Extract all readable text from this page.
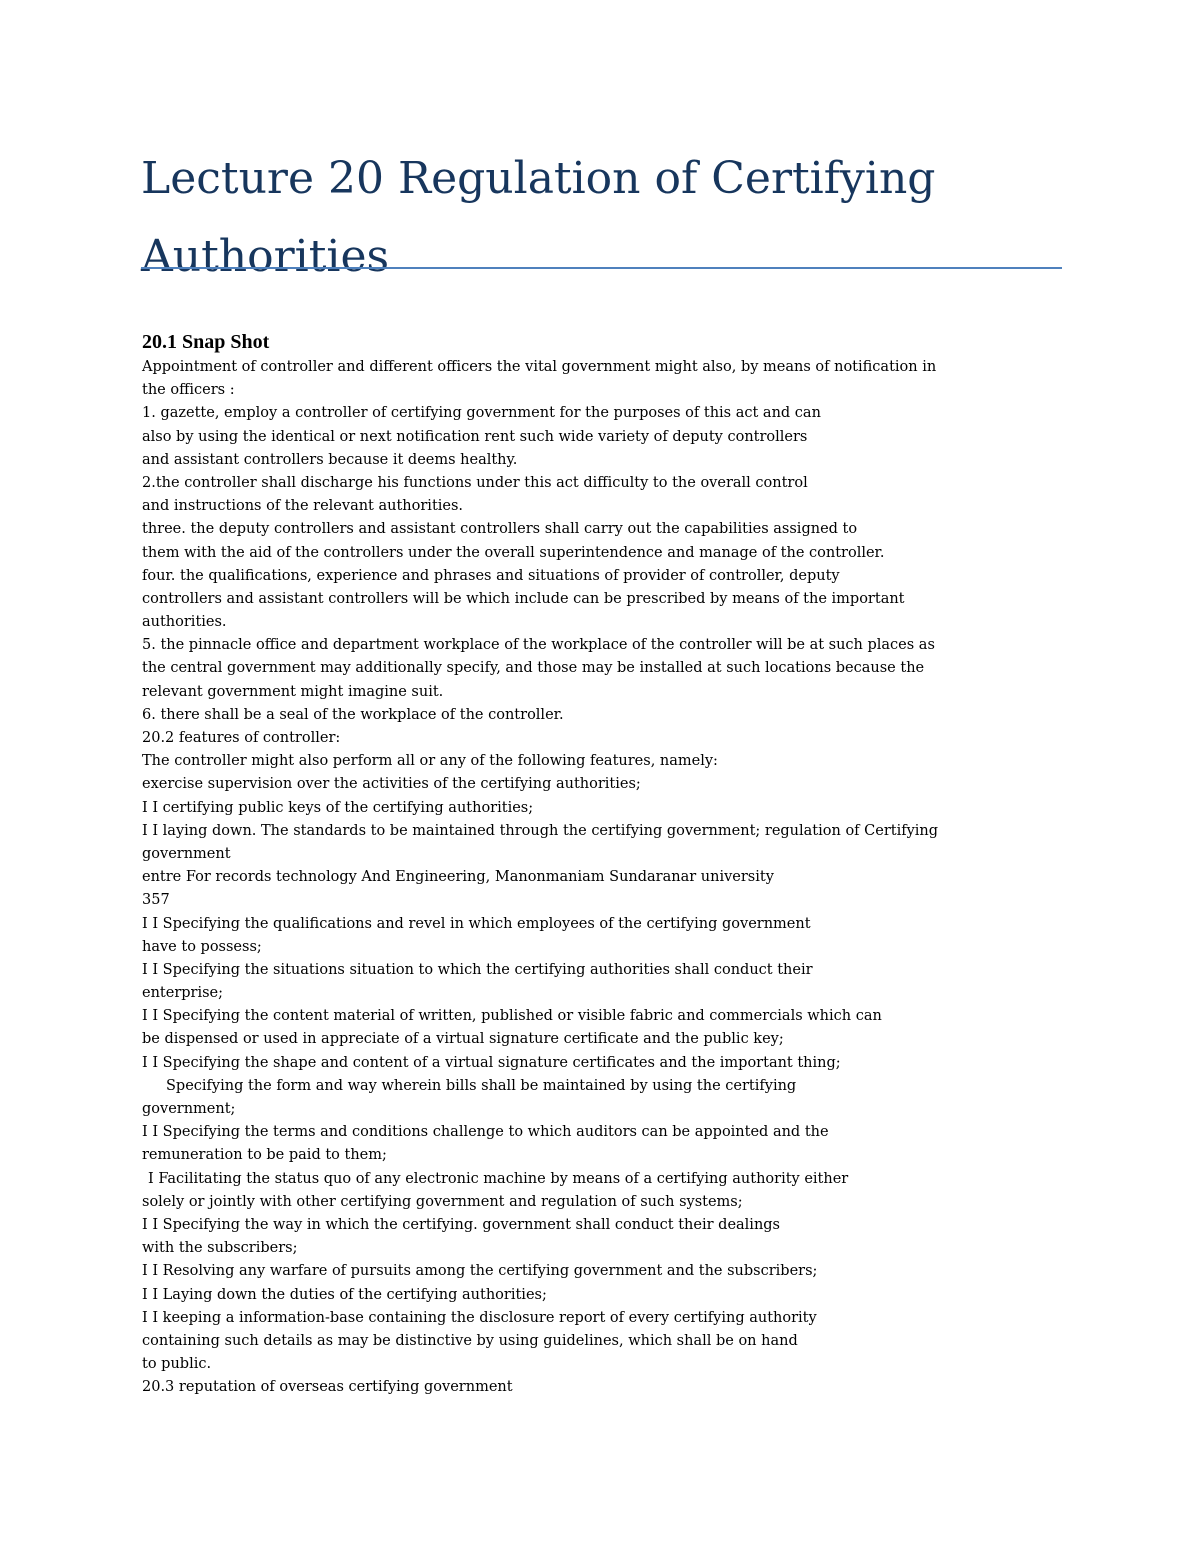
Lecture 20 Regulation of Certifying Authorities
20.1 Snap Shot
Appointment of controller and different officers the vital government might also, by means of notification in
the officers :
1. gazette, employ a controller of certifying government for the purposes of this act and can
also by using the identical or next notification rent such wide variety of deputy controllers
and assistant controllers because it deems healthy.
2.the controller shall discharge his functions under this act difficulty to the overall control
and instructions of the relevant authorities.
three. the deputy controllers and assistant controllers shall carry out the capabilities assigned to
them with the aid of the controllers under the overall superintendence and manage of the controller.
four. the qualifications, experience and phrases and situations of provider of controller, deputy
controllers and assistant controllers will be which include can be prescribed by means of the important
authorities.
5. the pinnacle office and department workplace of the workplace of the controller will be at such places as
the central government may additionally specify, and those may be installed at such locations because the
relevant government might imagine suit.
6. there shall be a seal of the workplace of the controller.
20.2 features of controller:
The controller might also perform all or any of the following features, namely:
exercise supervision over the activities of the certifying authorities;
I I certifying public keys of the certifying authorities;
I I laying down. The standards to be maintained through the certifying government; regulation of Certifying
government
entre For records technology And Engineering, Manonmaniam Sundaranar university
357
I I Specifying the qualifications and revel in which employees of the certifying government
have to possess;
I I Specifying the situations situation to which the certifying authorities shall conduct their
enterprise;
I I Specifying the content material of written, published or visible fabric and commercials which can
be dispensed or used in appreciate of a virtual signature certificate and the public key;
I I Specifying the shape and content of a virtual signature certificates and the important thing;
Specifying the form and way wherein bills shall be maintained by using the certifying
government;
I I Specifying the terms and conditions challenge to which auditors can be appointed and the
remuneration to be paid to them;
I Facilitating the status quo of any electronic machine by means of a certifying authority either
solely or jointly with other certifying government and regulation of such systems;
I I Specifying the way in which the certifying. government shall conduct their dealings
with the subscribers;
I I Resolving any warfare of pursuits among the certifying government and the subscribers;
I I Laying down the duties of the certifying authorities;
I I keeping a information-base containing the disclosure report of every certifying authority
containing such details as may be distinctive by using guidelines, which shall be on hand
to public.
20.3 reputation of overseas certifying government
